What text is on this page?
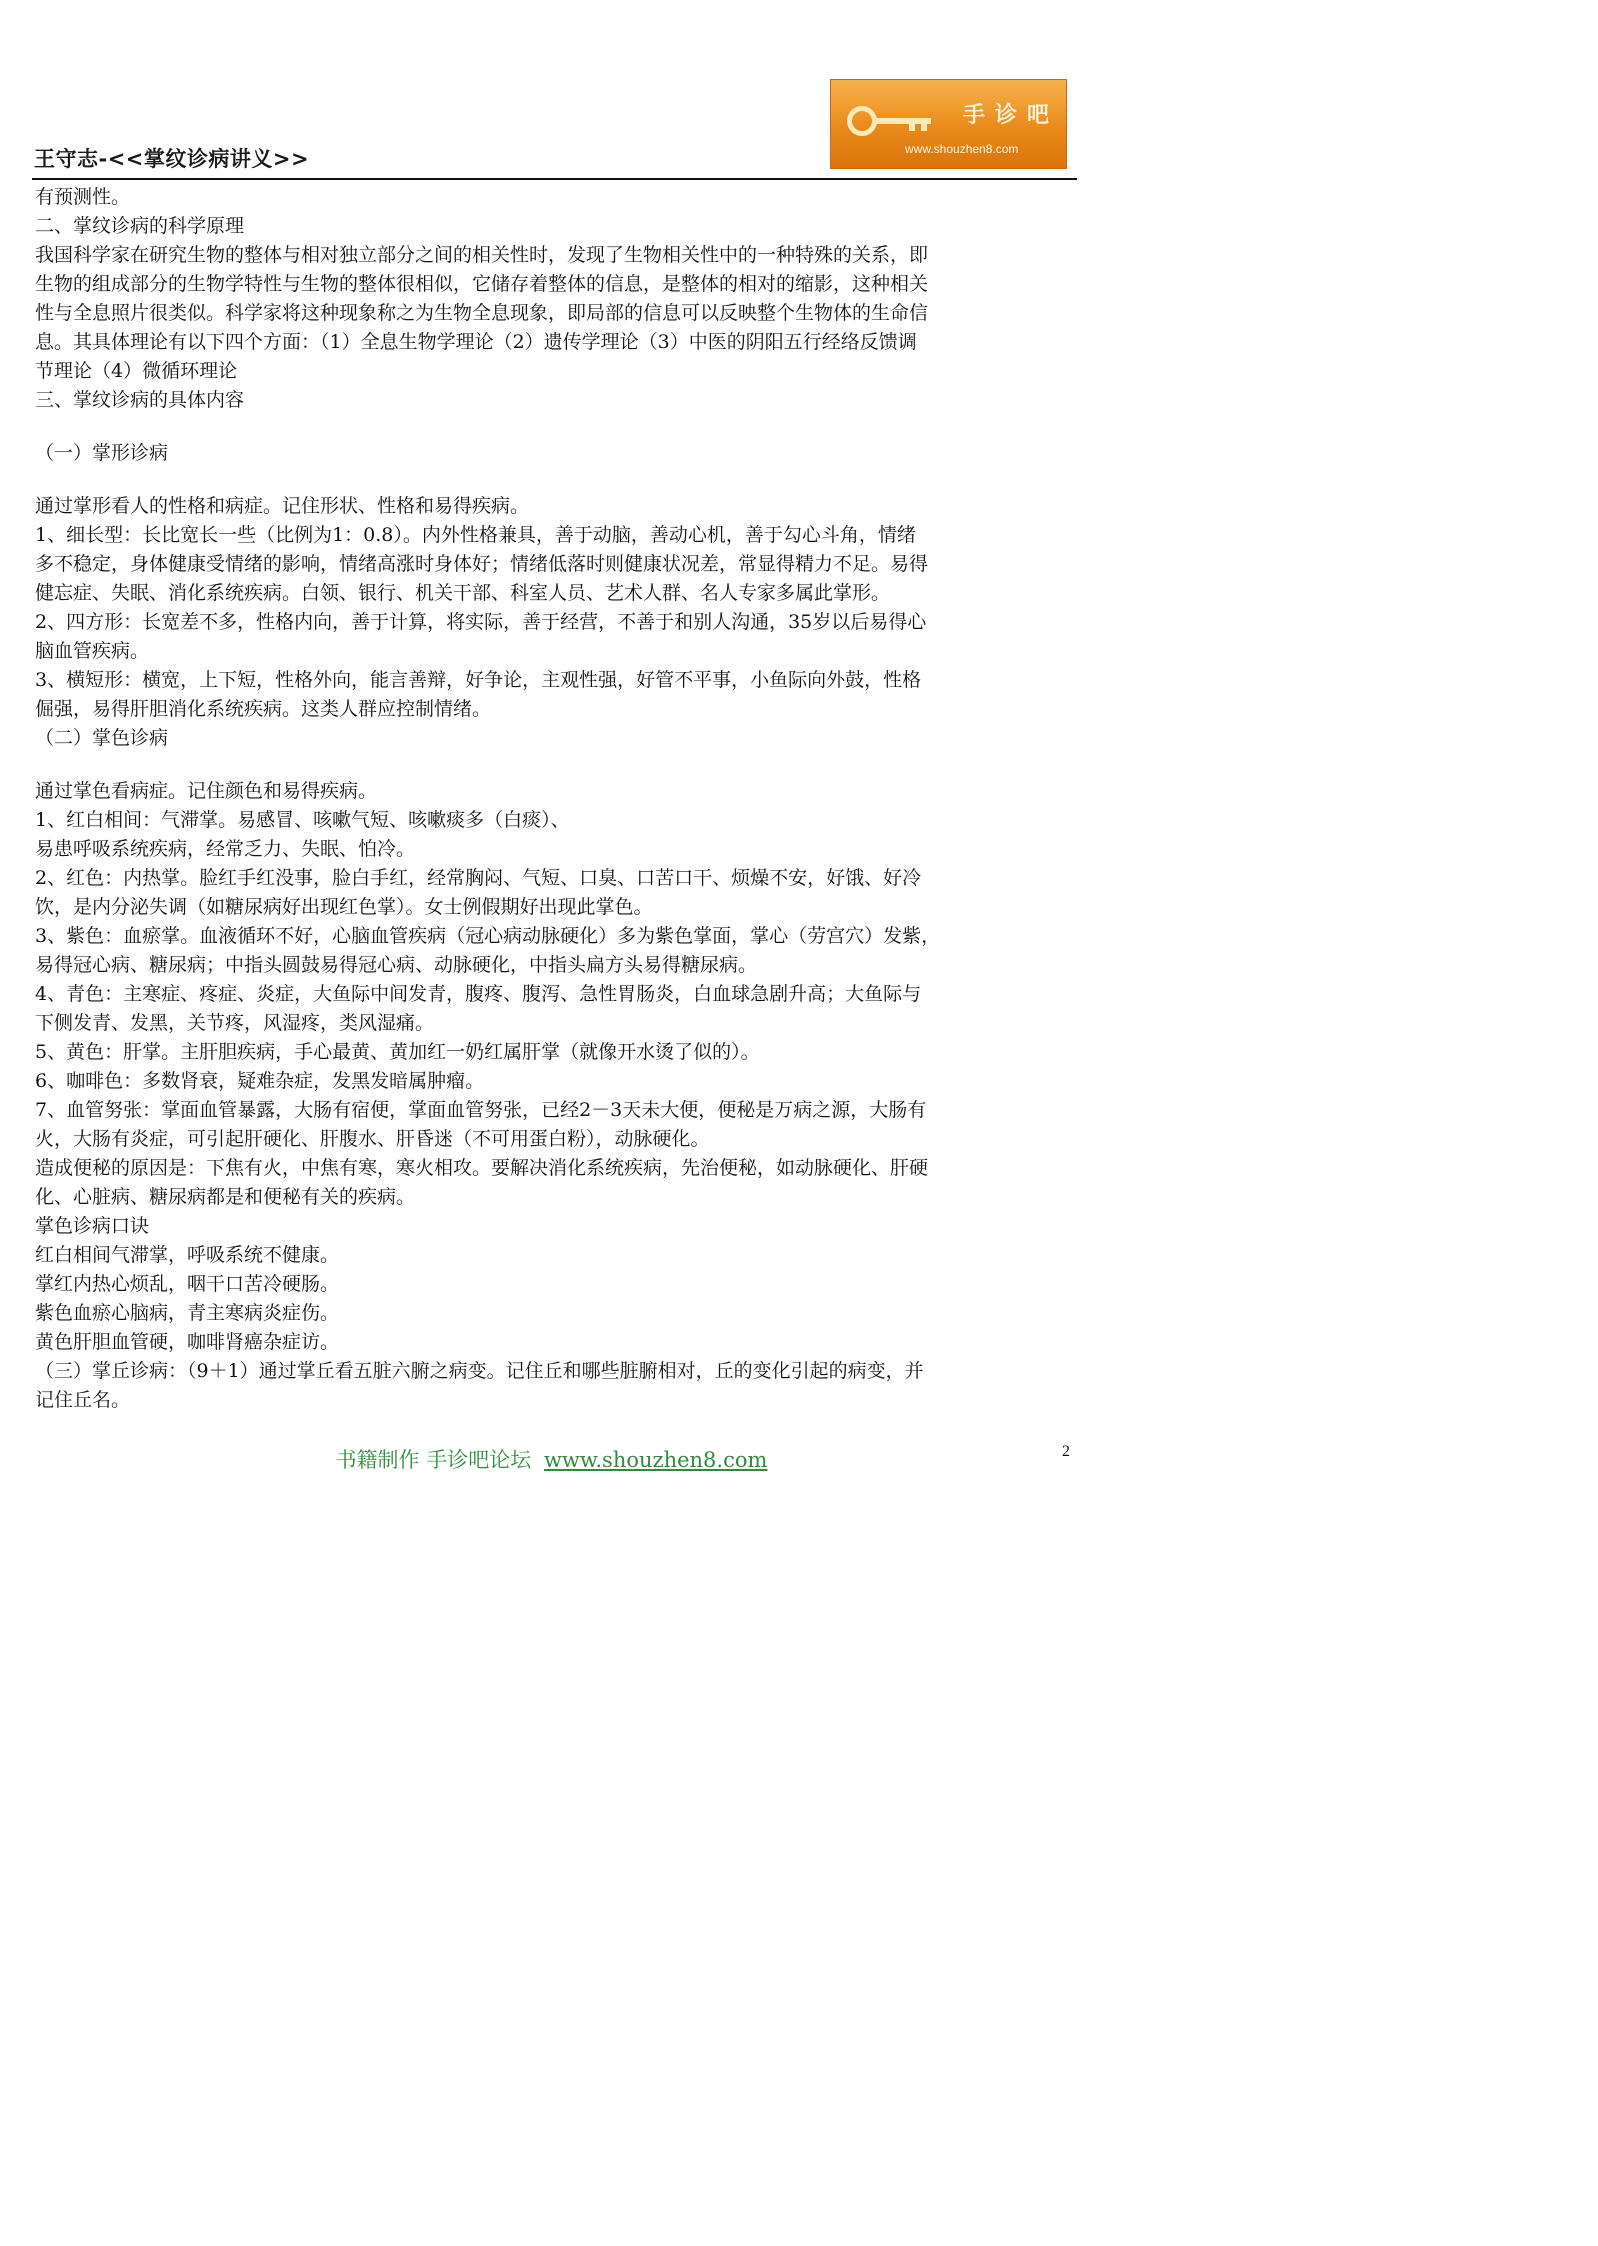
手诊吧
www.shouzhen8.com
王守志-<<掌纹诊病讲义>>

有预测性。

二、掌纹诊病的科学原理

我国科学家在研究生物的整体与相对独立部分之间的相关性时，发现了生物相关性中的一种特殊的关系，即

生物的组成部分的生物学特性与生物的整体很相似，它储存着整体的信息，是整体的相对的缩影，这种相关

性与全息照片很类似。科学家将这种现象称之为生物全息现象，即局部的信息可以反映整个生物体的生命信

息。其具体理论有以下四个方面：（1）全息生物学理论（2）遗传学理论（3）中医的阴阳五行经络反馈调

节理论（4）微循环理论

三、掌纹诊病的具体内容

（一）掌形诊病

通过掌形看人的性格和病症。记住形状、性格和易得疾病。

1、细长型：长比宽长一些（比例为1：0.8）。内外性格兼具，善于动脑，善动心机，善于勾心斗角，情绪

多不稳定，身体健康受情绪的影响，情绪高涨时身体好；情绪低落时则健康状况差，常显得精力不足。易得

健忘症、失眠、消化系统疾病。白领、银行、机关干部、科室人员、艺术人群、名人专家多属此掌形。

2、四方形：长宽差不多，性格内向，善于计算，将实际，善于经营，不善于和别人沟通，35岁以后易得心

脑血管疾病。

3、横短形：横宽，上下短，性格外向，能言善辩，好争论，主观性强，好管不平事，小鱼际向外鼓，性格

倔强，易得肝胆消化系统疾病。这类人群应控制情绪。

（二）掌色诊病

通过掌色看病症。记住颜色和易得疾病。

1、红白相间：气滞掌。易感冒、咳嗽气短、咳嗽痰多（白痰）、

易患呼吸系统疾病，经常乏力、失眠、怕冷。

2、红色：内热掌。脸红手红没事，脸白手红，经常胸闷、气短、口臭、口苦口干、烦燥不安，好饿、好冷

饮，是内分泌失调（如糖尿病好出现红色掌）。女士例假期好出现此掌色。

3、紫色：血瘀掌。血液循环不好，心脑血管疾病（冠心病动脉硬化）多为紫色掌面，掌心（劳宫穴）发紫，

易得冠心病、糖尿病；中指头圆鼓易得冠心病、动脉硬化，中指头扁方头易得糖尿病。

4、青色：主寒症、疼症、炎症，大鱼际中间发青，腹疼、腹泻、急性胃肠炎，白血球急剧升高；大鱼际与

下侧发青、发黑，关节疼，风湿疼，类风湿痛。

5、黄色：肝掌。主肝胆疾病，手心最黄、黄加红一奶红属肝掌（就像开水烫了似的）。

6、咖啡色：多数肾衰，疑难杂症，发黑发暗属肿瘤。

7、血管努张：掌面血管暴露，大肠有宿便，掌面血管努张，已经2－3天未大便，便秘是万病之源，大肠有

火，大肠有炎症，可引起肝硬化、肝腹水、肝昏迷（不可用蛋白粉），动脉硬化。

造成便秘的原因是：下焦有火，中焦有寒，寒火相攻。要解决消化系统疾病，先治便秘，如动脉硬化、肝硬

化、心脏病、糖尿病都是和便秘有关的疾病。

掌色诊病口诀

红白相间气滞掌，呼吸系统不健康。

掌红内热心烦乱，咽干口苦冷硬肠。

紫色血瘀心脑病，青主寒病炎症伤。

黄色肝胆血管硬，咖啡肾癌杂症访。

（三）掌丘诊病：（9＋1）通过掌丘看五脏六腑之病变。记住丘和哪些脏腑相对，丘的变化引起的病变，并

记住丘名。

书籍制作 手诊吧论坛 www.shouzhen8.com	2
